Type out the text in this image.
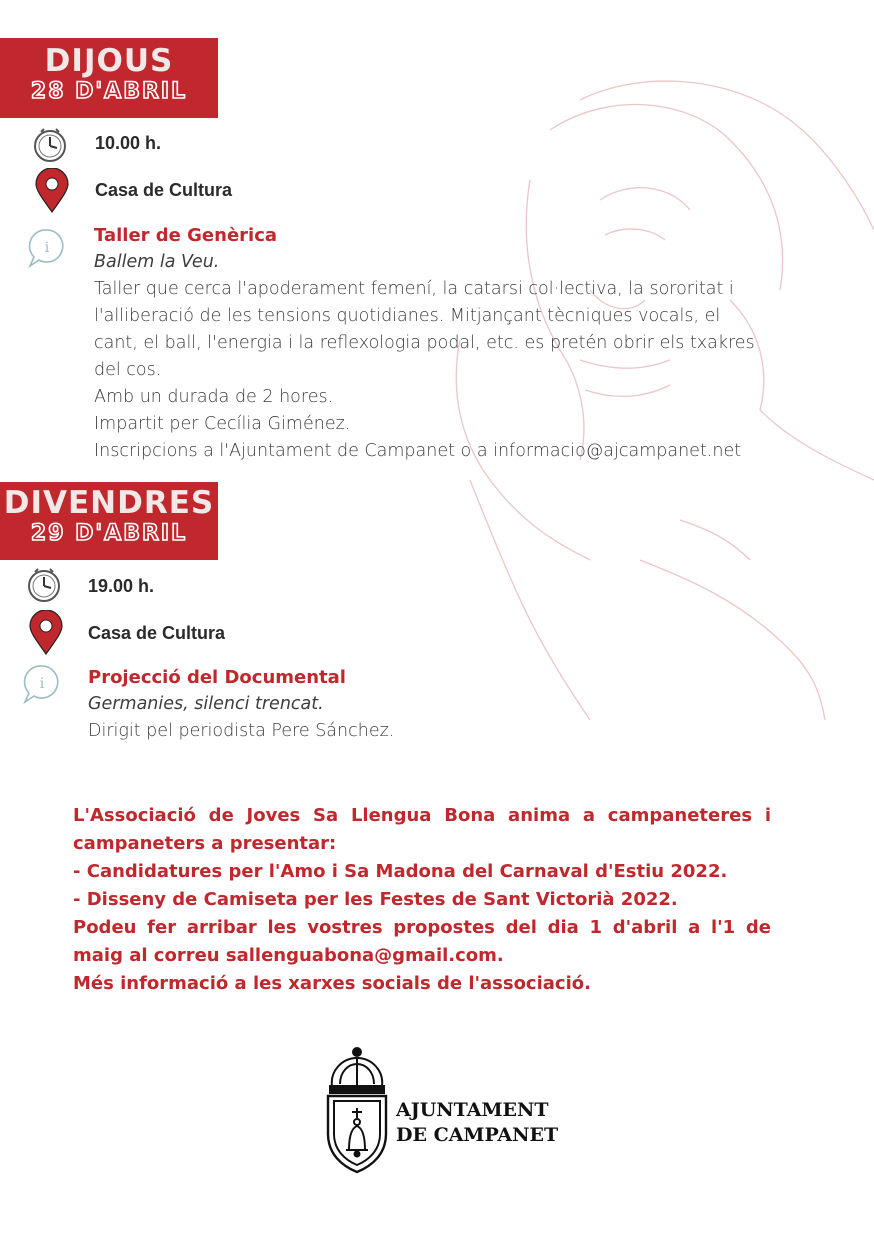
DIJOUS
28 D'ABRIL
10.00 h.
Casa de Cultura
i
Taller de Genèrica
Ballem la Veu.
Taller que cerca l'apoderament femení, la catarsi col·lectiva, la sororitat i
l'alliberació de les tensions quotidianes. Mitjançant tècniques vocals, el
cant, el ball, l'energia i la reflexologia podal, etc. es pretén obrir els txakres
del cos.
Amb un durada de 2 hores.
Impartit per Cecília Giménez.
Inscripcions a l'Ajuntament de Campanet o a informacio@ajcampanet.net
DIVENDRES
29 D'ABRIL
19.00 h.
Casa de Cultura
i Projecció del Documental
Germanies, silenci trencat.
Dirigit pel periodista Pere Sánchez.
L'Associació de Joves Sa Llengua Bona anima a campaneteres i
campaneters a presentar:
- Candidatures per l'Amo i Sa Madona del Carnaval d'Estiu 2022.
- Disseny de Camiseta per les Festes de Sant Victorià 2022.
Podeu fer arribar les vostres propostes del dia 1 d'abril a l'1 de
maig al correu sallenguabona@gmail.com.
Més informació a les xarxes socials de l'associació.
AJUNTAMENT
DE CAMPANET
